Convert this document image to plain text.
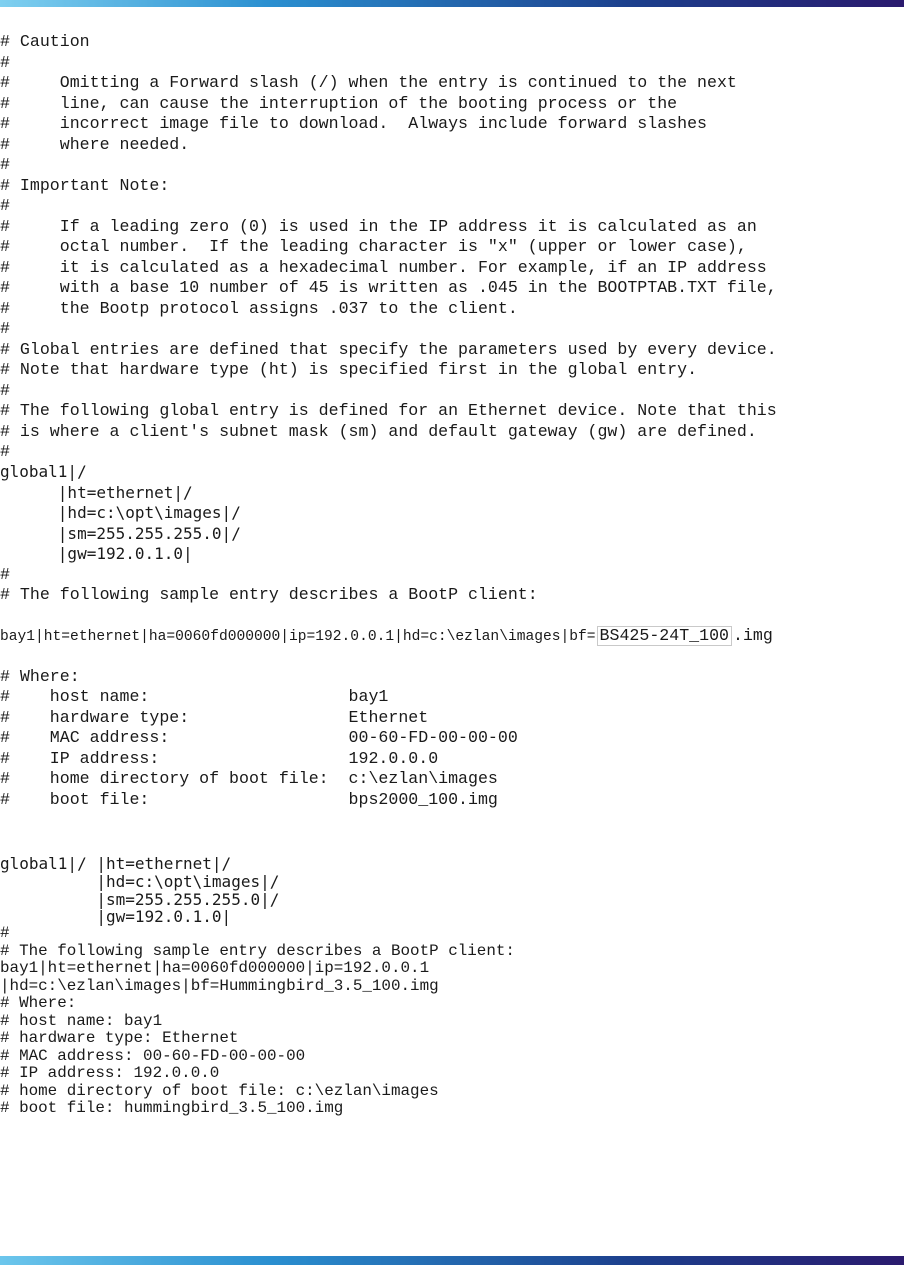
# Caution
#
#     Omitting a Forward slash (/) when the entry is continued to the next
#     line, can cause the interruption of the booting process or the
#     incorrect image file to download.  Always include forward slashes
#     where needed.
#
# Important Note:
#
#     If a leading zero (0) is used in the IP address it is calculated as an
#     octal number.  If the leading character is "x" (upper or lower case),
#     it is calculated as a hexadecimal number. For example, if an IP address
#     with a base 10 number of 45 is written as .045 in the BOOTPTAB.TXT file,
#     the Bootp protocol assigns .037 to the client.
#
# Global entries are defined that specify the parameters used by every device.
# Note that hardware type (ht) is specified first in the global entry.
#
# The following global entry is defined for an Ethernet device. Note that this
# is where a client's subnet mask (sm) and default gateway (gw) are defined.
#
global1|/
|ht=ethernet|/
|hd=c:\opt\images|/
|sm=255.255.255.0|/
|gw=192.0.1.0|
#
# The following sample entry describes a BootP client:
bay1|ht=ethernet|ha=0060fd000000|ip=192.0.0.1|hd=c:\ezlan\images|bf= BS425-24T_100 .img
# Where:
#    host name:                    bay1
#    hardware type:                Ethernet
#    MAC address:                  00-60-FD-00-00-00
#    IP address:                   192.0.0.0
#    home directory of boot file:  c:\ezlan\images
#    boot file:                    bps2000_100.img
global1|/ |ht=ethernet|/
|hd=c:\opt\images|/
|sm=255.255.255.0|/
|gw=192.0.1.0|
#
# The following sample entry describes a BootP client:
bay1|ht=ethernet|ha=0060fd000000|ip=192.0.0.1
|hd=c:\ezlan\images|bf=Hummingbird_3.5_100.img
# Where:
# host name: bay1
# hardware type: Ethernet
# MAC address: 00-60-FD-00-00-00
# IP address: 192.0.0.0
# home directory of boot file: c:\ezlan\images
# boot file: hummingbird_3.5_100.img
